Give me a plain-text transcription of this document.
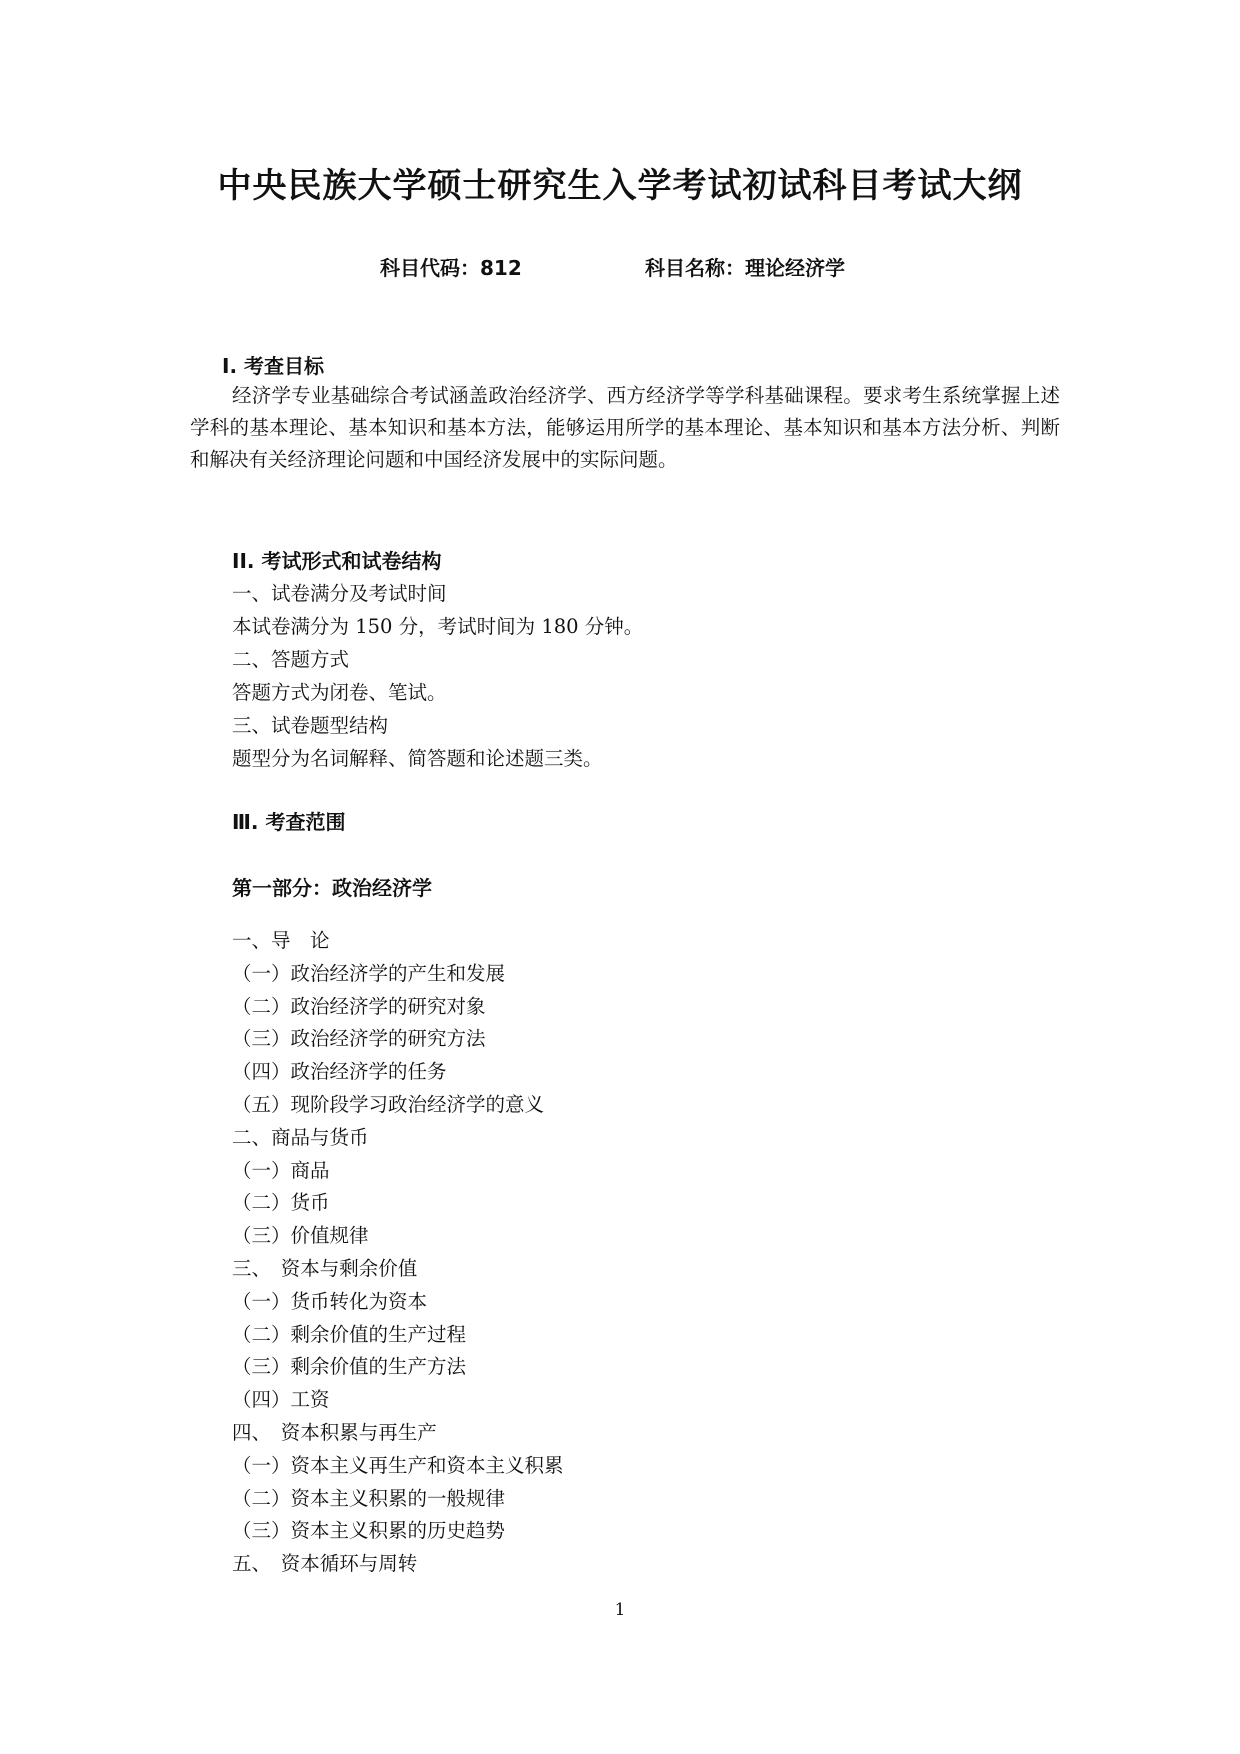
中央民族大学硕士研究生入学考试初试科目考试大纲
科目代码：812	科目名称：理论经济学
I. 考查目标
经济学专业基础综合考试涵盖政治经济学、西方经济学等学科基础课程。要求考生系统掌握上述学科的基本理论、基本知识和基本方法，能够运用所学的基本理论、基本知识和基本方法分析、判断和解决有关经济理论问题和中国经济发展中的实际问题。
II. 考试形式和试卷结构
一、试卷满分及考试时间
本试卷满分为 150 分，考试时间为 180 分钟。
二、答题方式
答题方式为闭卷、笔试。
三、试卷题型结构
题型分为名词解释、简答题和论述题三类。
Ⅲ. 考查范围
第一部分：政治经济学
一、导　论
（一）政治经济学的产生和发展
（二）政治经济学的研究对象
（三）政治经济学的研究方法
（四）政治经济学的任务
（五）现阶段学习政治经济学的意义
二、商品与货币
（一）商品
（二）货币
（三）价值规律
三、　资本与剩余价值
（一）货币转化为资本
（二）剩余价值的生产过程
（三）剩余价值的生产方法
（四）工资
四、　资本积累与再生产
（一）资本主义再生产和资本主义积累
（二）资本主义积累的一般规律
（三）资本主义积累的历史趋势
五、　资本循环与周转
1
